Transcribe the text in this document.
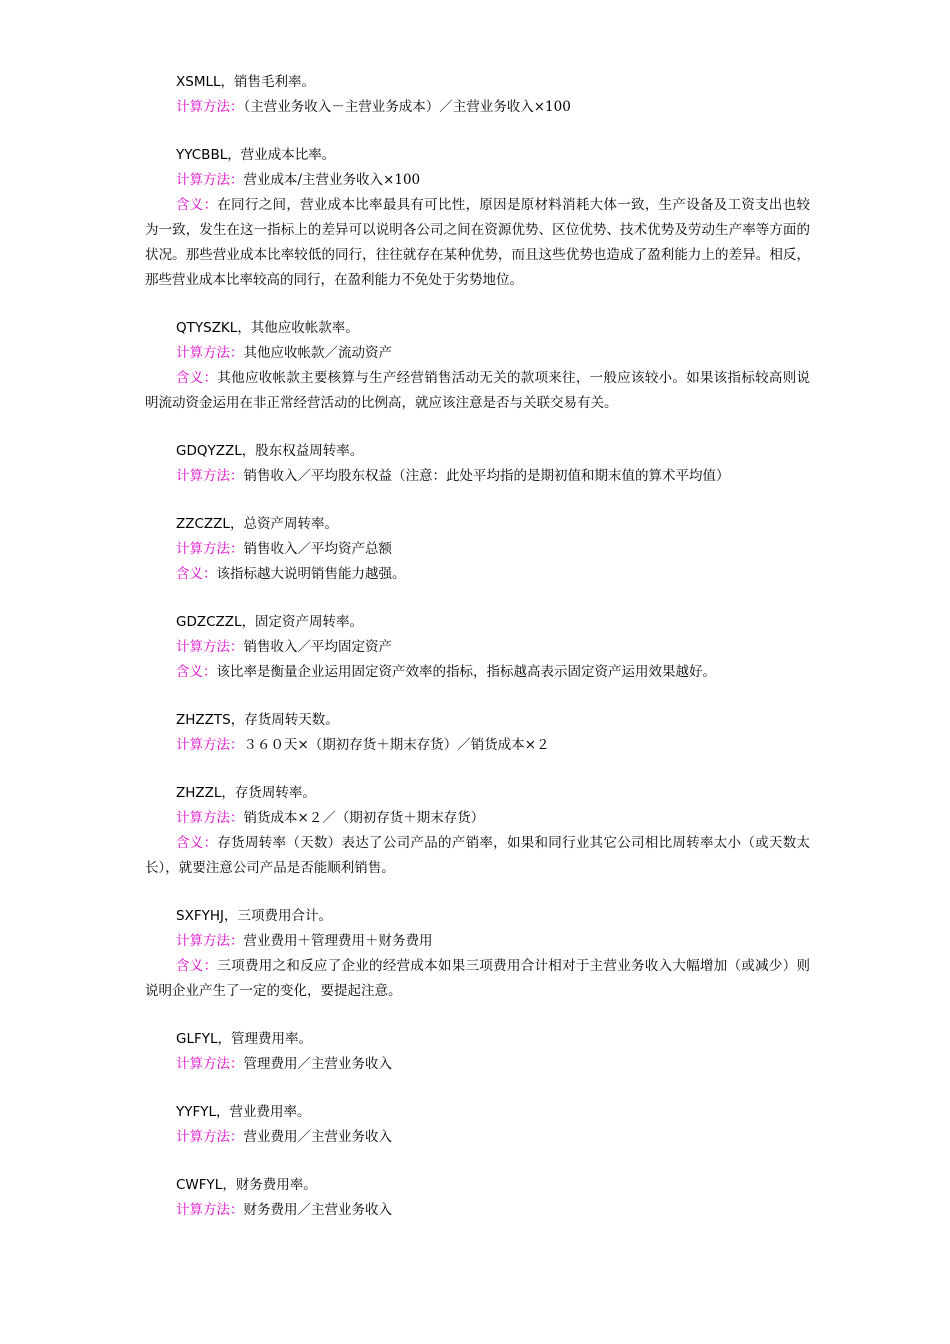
XSMLL，销售毛利率。
计算方法：（主营业务收入－主营业务成本）／主营业务收入×100
YYCBBL，营业成本比率。
计算方法：营业成本/主营业务收入×100
含义：在同行之间，营业成本比率最具有可比性，原因是原材料消耗大体一致，生产设备及工资支出也较为一致，发生在这一指标上的差异可以说明各公司之间在资源优势、区位优势、技术优势及劳动生产率等方面的状况。那些营业成本比率较低的同行，往往就存在某种优势，而且这些优势也造成了盈利能力上的差异。相反，那些营业成本比率较高的同行，在盈利能力不免处于劣势地位。
QTYSZKL，其他应收帐款率。
计算方法：其他应收帐款／流动资产
含义：其他应收帐款主要核算与生产经营销售活动无关的款项来往，一般应该较小。如果该指标较高则说明流动资金运用在非正常经营活动的比例高，就应该注意是否与关联交易有关。
GDQYZZL，股东权益周转率。
计算方法：销售收入／平均股东权益（注意：此处平均指的是期初值和期末值的算术平均值）
ZZCZZL，总资产周转率。
计算方法：销售收入／平均资产总额
含义：该指标越大说明销售能力越强。
GDZCZZL，固定资产周转率。
计算方法：销售收入／平均固定资产
含义：该比率是衡量企业运用固定资产效率的指标，指标越高表示固定资产运用效果越好。
ZHZZTS，存货周转天数。
计算方法：３６０天×（期初存货＋期末存货）／销货成本×２
ZHZZL，存货周转率。
计算方法：销货成本×２／（期初存货＋期末存货）
含义：存货周转率（天数）表达了公司产品的产销率，如果和同行业其它公司相比周转率太小（或天数太长），就要注意公司产品是否能顺利销售。
SXFYHJ，三项费用合计。
计算方法：营业费用＋管理费用＋财务费用
含义：三项费用之和反应了企业的经营成本如果三项费用合计相对于主营业务收入大幅增加（或减少）则说明企业产生了一定的变化，要提起注意。
GLFYL，管理费用率。
计算方法：管理费用／主营业务收入
YYFYL，营业费用率。
计算方法：营业费用／主营业务收入
CWFYL，财务费用率。
计算方法：财务费用／主营业务收入
